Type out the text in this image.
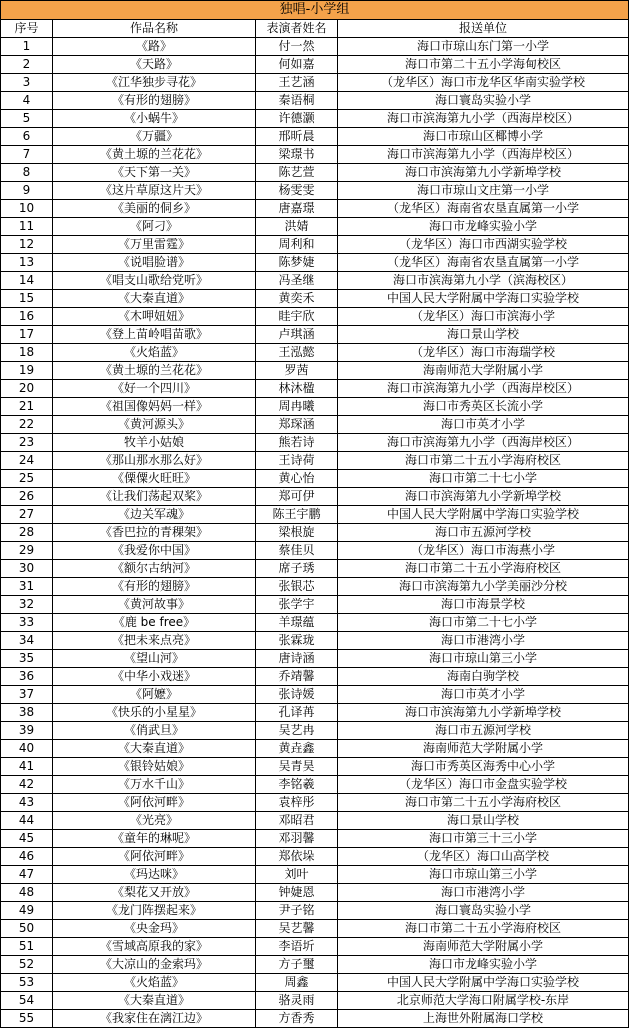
独唱-小学组			
序号	作品名称	表演者姓名	报送单位
1	《路》	付一然	海口市琼山东门第一小学
2	《天路》	何如嘉	海口市第二十五小学海甸校区
3	《江华独步寻花》	王艺涵	（龙华区）海口市龙华区华南实验学校
4	《有形的翅膀》	秦语桐	海口寰岛实验小学
5	《小蜗牛》	许德灏	海口市滨海第九小学（西海岸校区）
6	《万疆》	邢昕晨	海口市琼山区椰博小学
7	《黄土塬的兰花花》	梁璟书	海口市滨海第九小学（西海岸校区）
8	《天下第一关》	陈艺萱	海口市滨海第九小学新埠学校
9	《这片草原这片天》	杨雯雯	海口市琼山文庄第一小学
10	《美丽的侗乡》	唐嘉璟	（龙华区）海南省农垦直属第一小学
11	《阿刁》	洪婧	海口市龙峰实验小学
12	《万里雷霆》	周利和	（龙华区）海口市西湖实验学校
13	《说唱脸谱》	陈梦婕	（龙华区）海南省农垦直属第一小学
14	《唱支山歌给党听》	冯圣继	海口市滨海第九小学（滨海校区）
15	《大秦直道》	黄奕禾	中国人民大学附属中学海口实验学校
16	《木呷妞妞》	眭宇欣	（龙华区）海口市滨海小学
17	《登上苗岭唱苗歌》	卢琪涵	海口景山学校
18	《火焰蓝》	王泓懿	（龙华区）海口市海瑞学校
19	《黄土塬的兰花花》	罗茜	海南师范大学附属小学
20	《好一个四川》	林沐楹	海口市滨海第九小学（西海岸校区）
21	《祖国像妈妈一样》	周冉曦	海口市秀英区长流小学
22	《黄河源头》	郑琛涵	海口市英才小学
23	牧羊小姑娘	熊若诗	海口市滨海第九小学（西海岸校区）
24	《那山那水那么好》	王诗荷	海口市第二十五小学海府校区
25	《傈僳火旺旺》	黄心怡	海口市第二十七小学
26	《让我们荡起双桨》	郑可伊	海口市滨海第九小学新埠学校
27	《边关军魂》	陈王宇鹏	中国人民大学附属中学海口实验学校
28	《香巴拉的青稞架》	梁根旋	海口市五源河学校
29	《我爱你中国》	蔡佳贝	（龙华区）海口市海燕小学
30	《额尔古纳河》	席子琇	海口市第二十五小学海府校区
31	《有形的翅膀》	张银芯	海口市滨海第九小学美丽沙分校
32	《黄河故事》	张学宇	海口市海景学校
33	《鹿 be free》	羊璟蕴	海口市第二十七小学
34	《把未来点亮》	张霖珑	海口市港湾小学
35	《望山河》	唐诗涵	海口市琼山第三小学
36	《中华小戏迷》	乔靖馨	海南白驹学校
37	《阿嬷》	张诗媛	海口市英才小学
38	《快乐的小星星》	孔译苒	海口市滨海第九小学新埠学校
39	《俏武旦》	吴艺冉	海口市五源河学校
40	《大秦直道》	黄垚鑫	海南师范大学附属小学
41	《银铃姑娘》	吴青昊	海口市秀英区海秀中心小学
42	《万水千山》	李铭羲	（龙华区）海口市金盘实验学校
43	《阿依河畔》	袁梓彤	海口市第二十五小学海府校区
44	《光亮》	邓昭君	海口景山学校
45	《童年的琳呢》	邓羽馨	海口市第三十三小学
46	《阿依河畔》	郑依垛	（龙华区）海口山高学校
47	《玛达咪》	刘叶	海口市琼山第三小学
48	《梨花又开放》	钟婕恩	海口市港湾小学
49	《龙门阵摆起来》	尹子铭	海口寰岛实验小学
50	《央金玛》	吴艺馨	海口市第二十五小学海府校区
51	《雪域高原我的家》	李语圻	海南师范大学附属小学
52	《大凉山的金索玛》	方子璽	海口市龙峰实验小学
53	《火焰蓝》	周鑫	中国人民大学附属中学海口实验学校
54	《大秦直道》	骆灵雨	北京师范大学海口附属学校-东岸
55	《我家住在漓江边》	方香秀	上海世外附属海口学校
